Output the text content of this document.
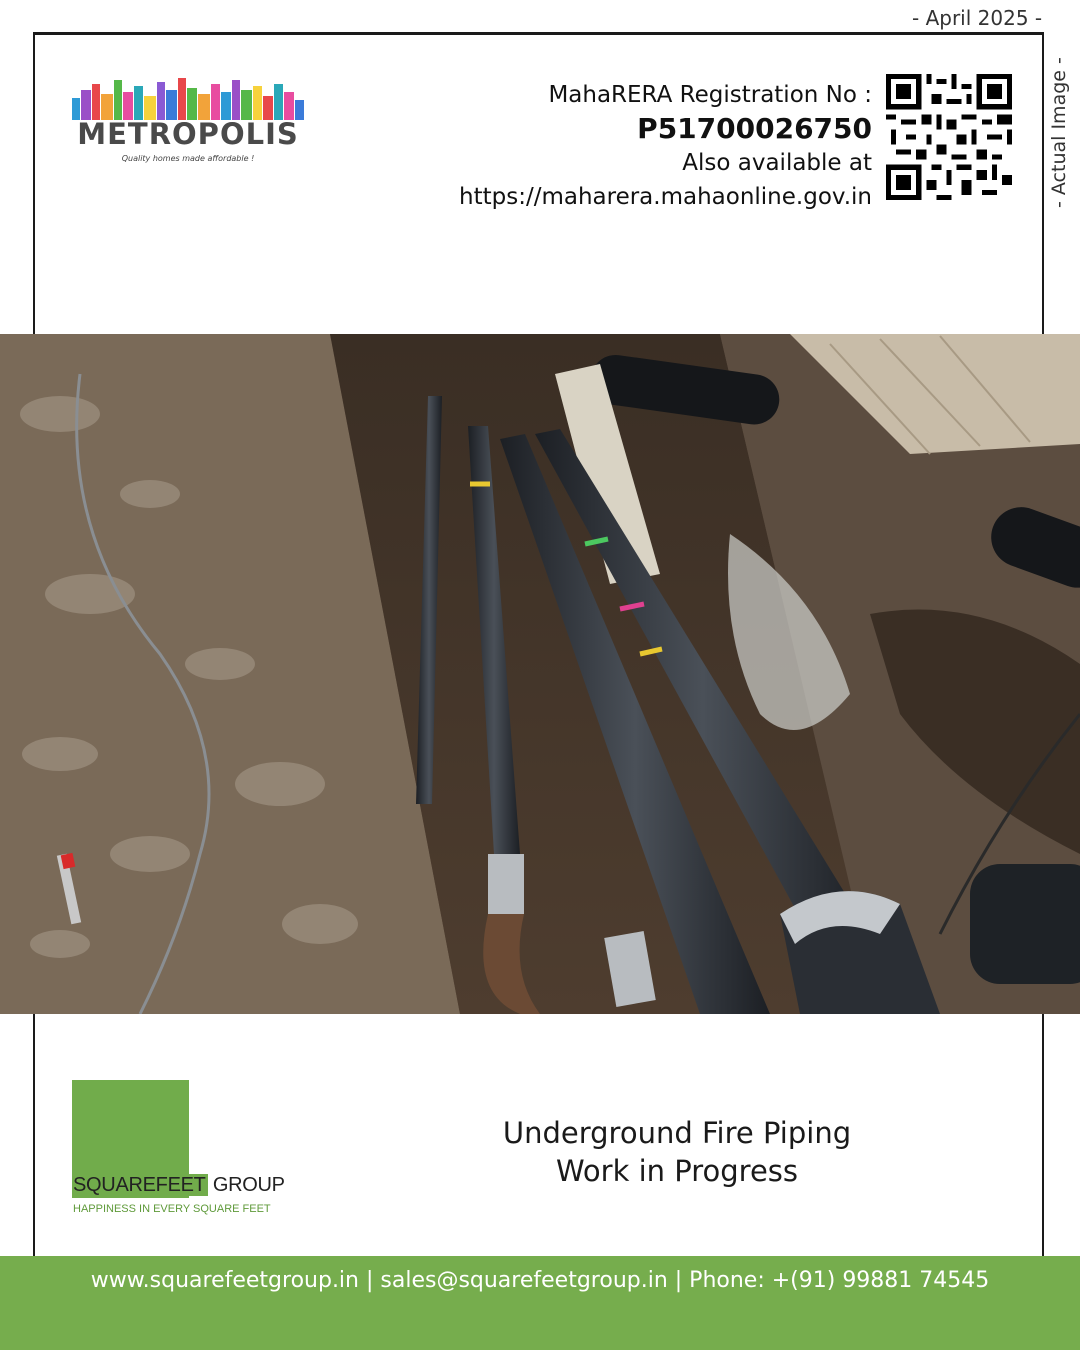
- April 2025 -
- Actual Image -
METROPOLIS
Quality homes made affordable !
MahaRERA Registration No :
P51700026750
Also available at
https://maharera.mahaonline.gov.in
SQUAREFEET GROUP
HAPPINESS IN EVERY SQUARE FEET
Underground Fire Piping
Work in Progress
www.squarefeetgroup.in | sales@squarefeetgroup.in | Phone: +(91) 99881 74545
